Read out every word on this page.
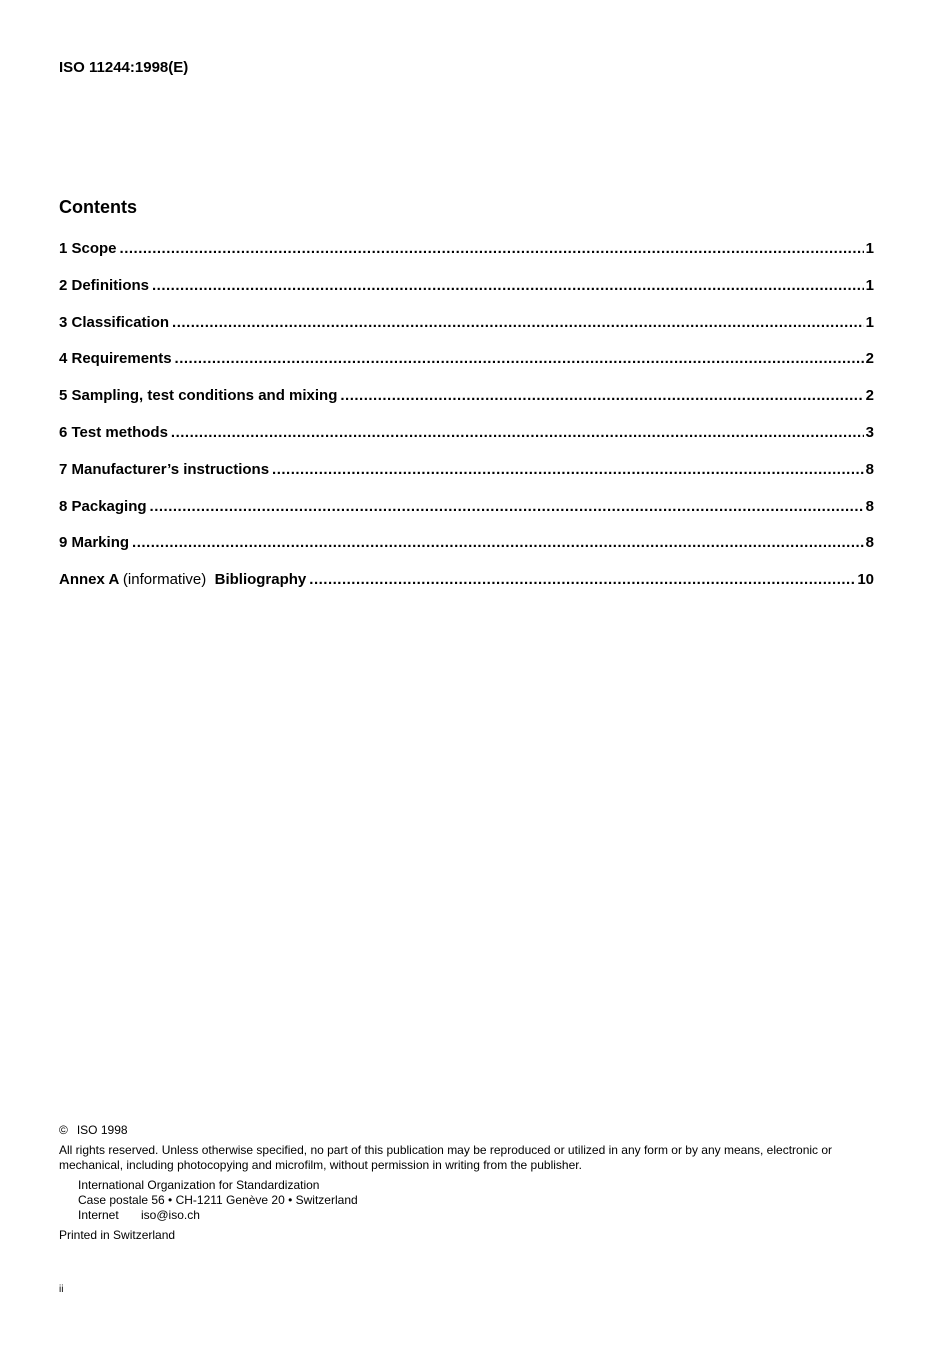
ISO 11244:1998(E)
Contents
1 Scope .....	1
2 Definitions .....	1
3 Classification .....	1
4 Requirements .....	2
5 Sampling, test conditions and mixing .....	2
6 Test methods .....	3
7 Manufacturer’s instructions .....	8
8 Packaging .....	8
9 Marking .....	8
Annex A (informative) Bibliography .....	10
© ISO 1998
All rights reserved. Unless otherwise specified, no part of this publication may be reproduced or utilized in any form or by any means, electronic or mechanical, including photocopying and microfilm, without permission in writing from the publisher.
International Organization for Standardization
Case postale 56 • CH-1211 Genève 20 • Switzerland
Internet iso@iso.ch
Printed in Switzerland
ii
